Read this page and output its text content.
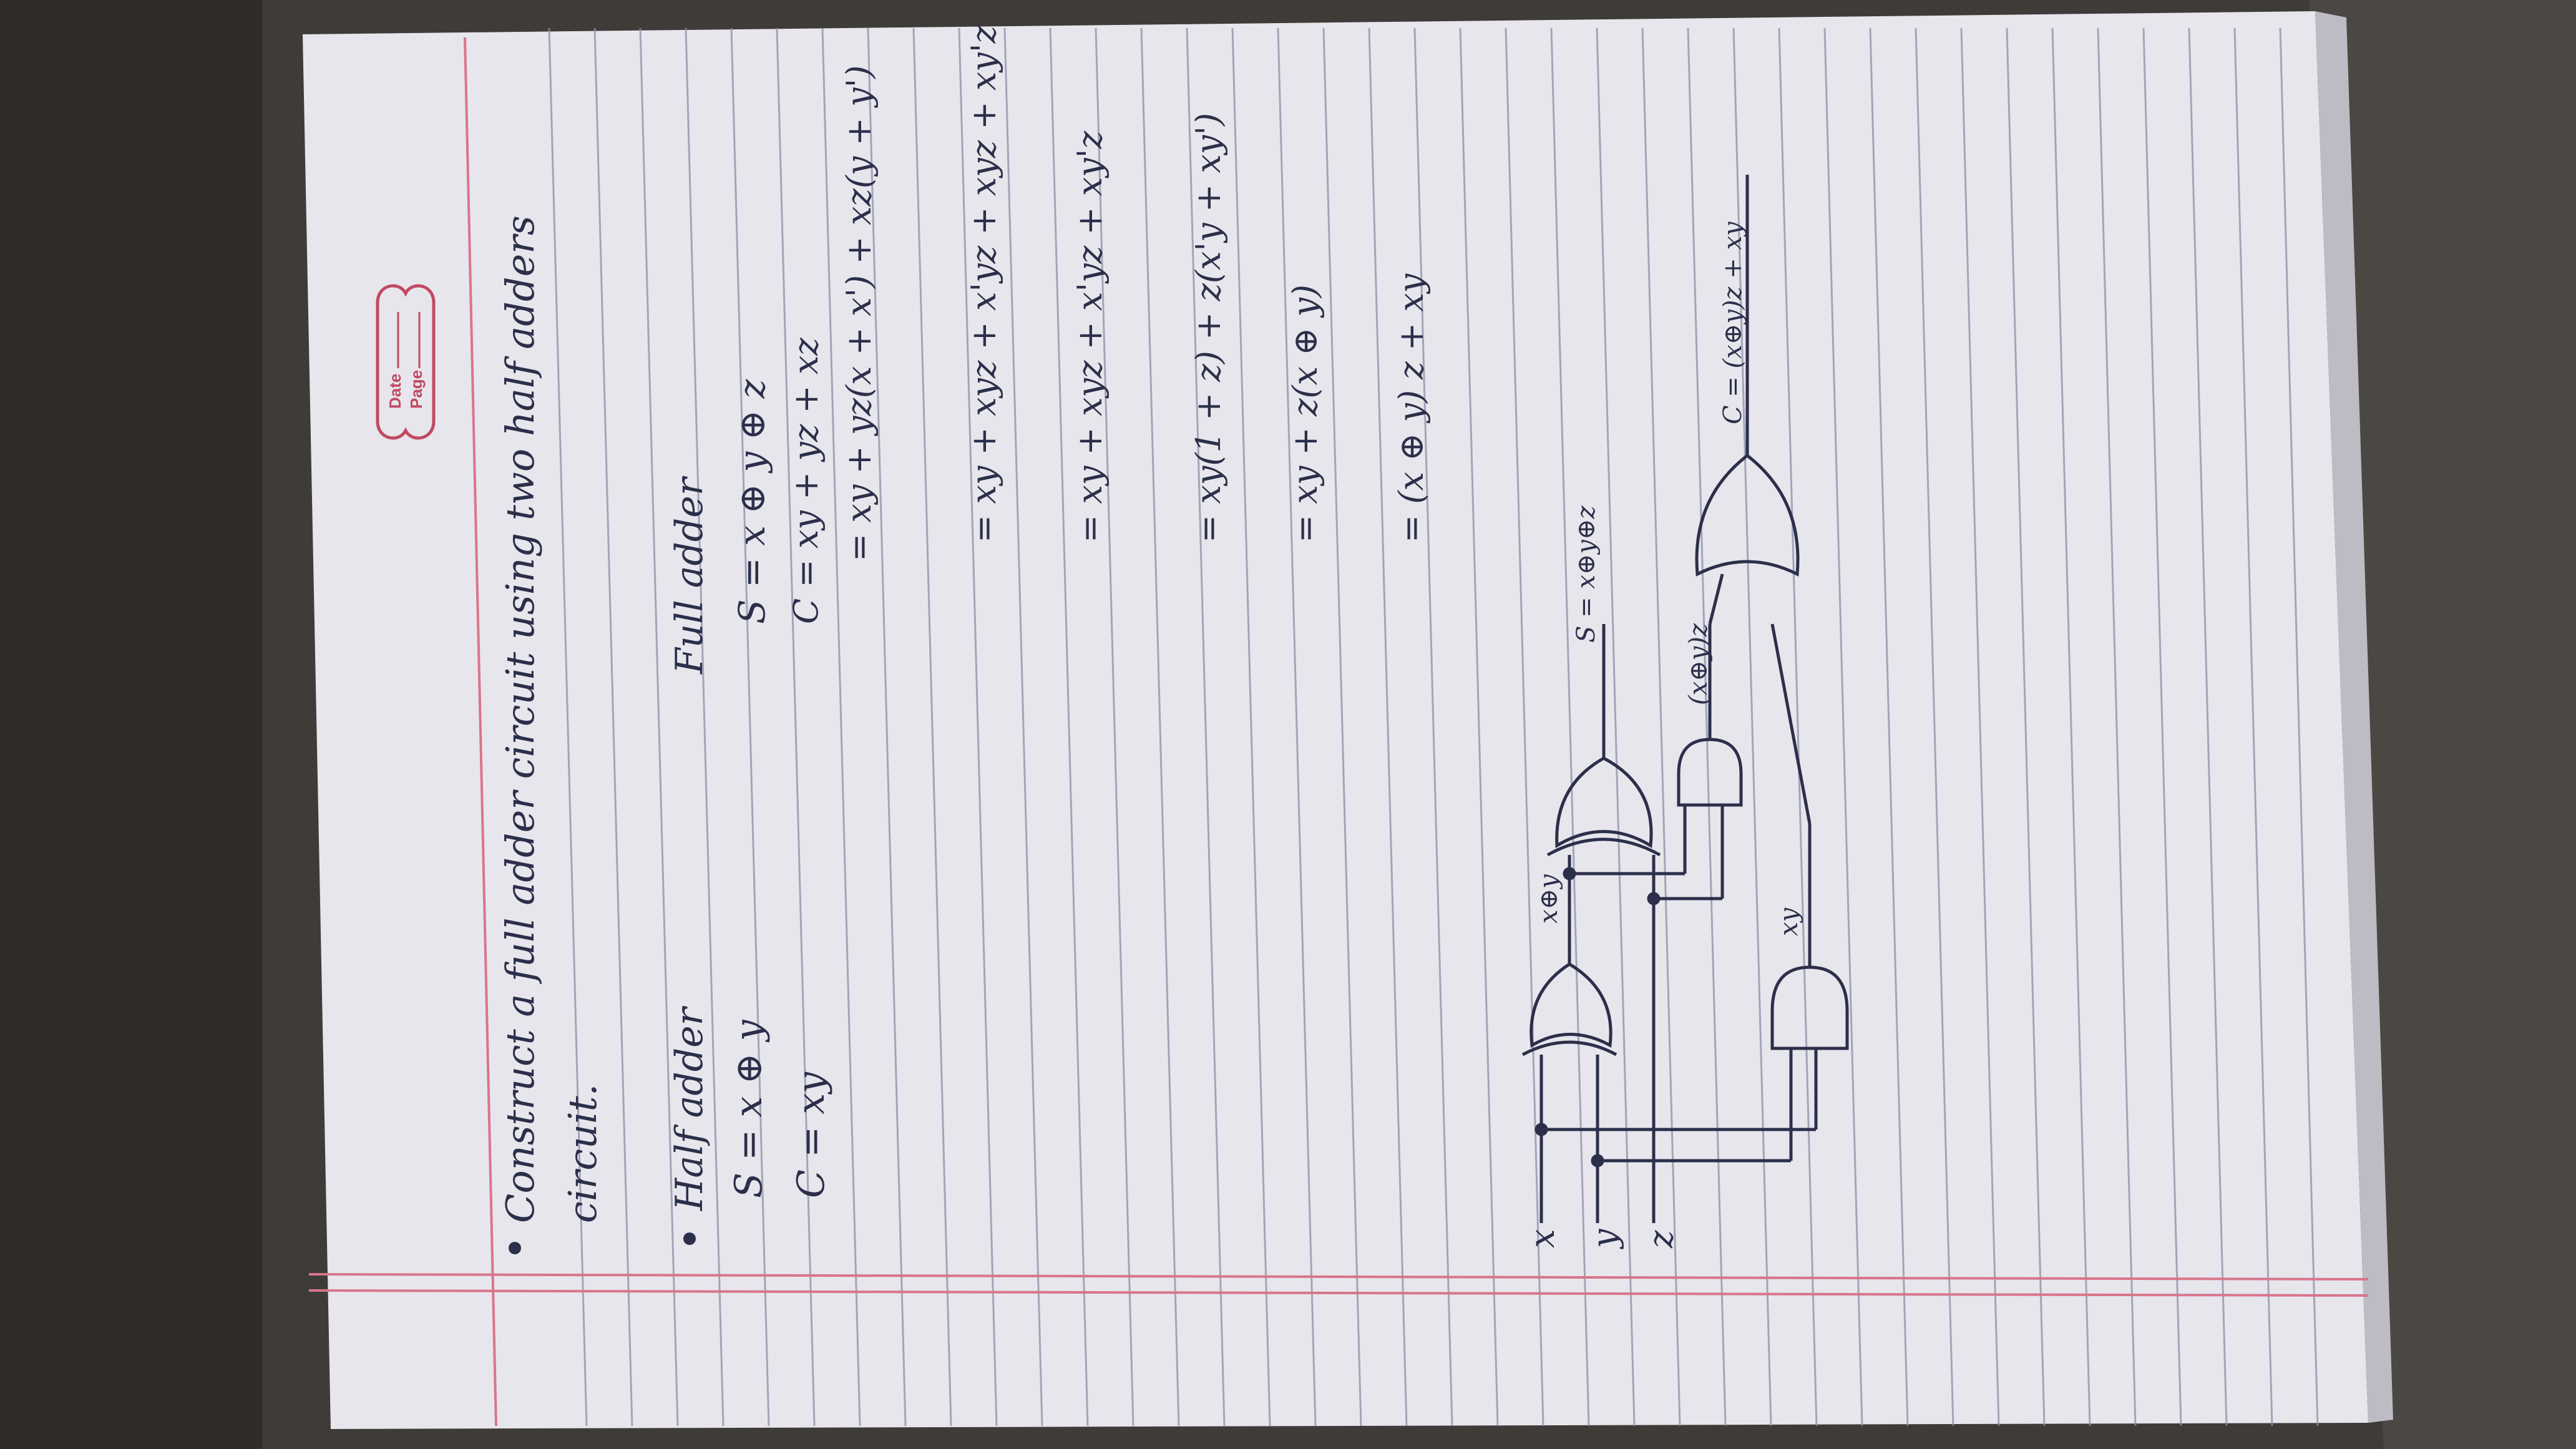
Date Page Construct a full adder circuit using two half adders circuit. Half adder S = x ⊕ y C = xy
Full adder S = x ⊕ y ⊕ z C = xy + yz + xz = xy + yz(x + x') + xz(y + y')	= xy + xyz + x'yz + xyz + xy'z = xy + xyz + x'yz + xy'z = xy(1 + z) + z(x'y + xy') = xy + z(x ⊕ y) = (x ⊕ y) z + xy
x y z
x⊕y	xy
S = x⊕y⊕z
(x⊕y)z
C = (x⊕y)z + xy
